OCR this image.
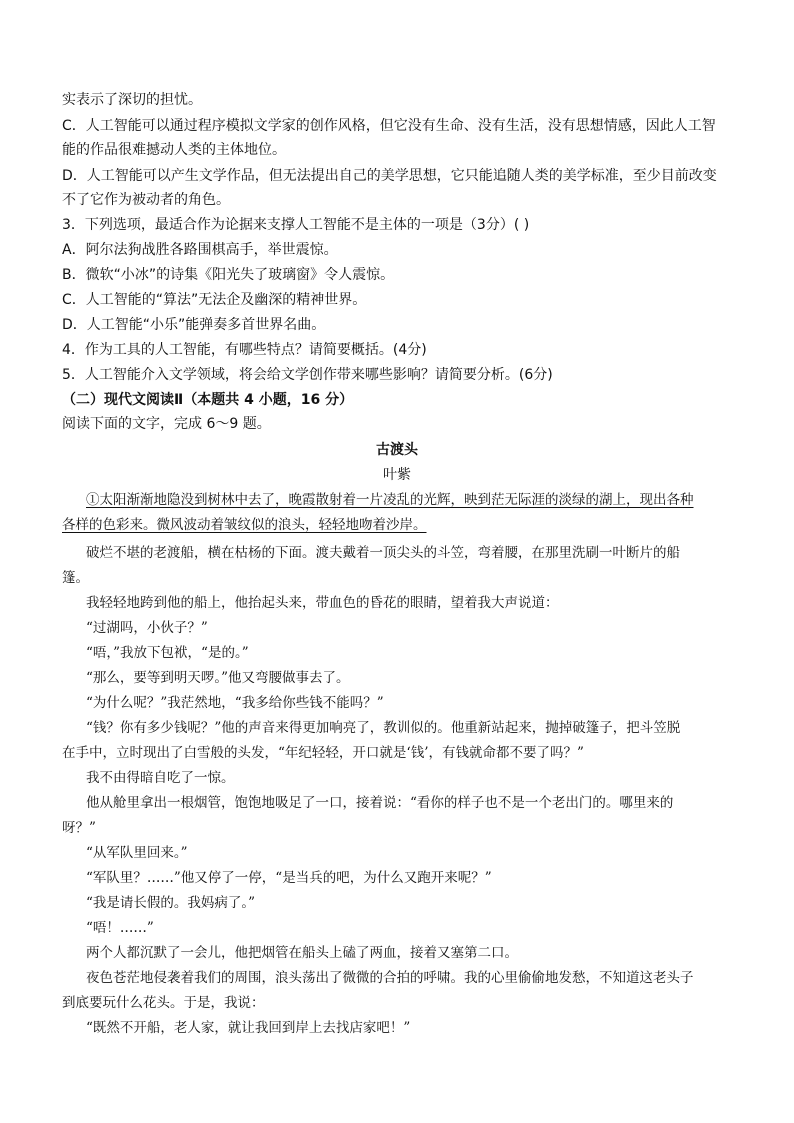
实表示了深切的担忧。
C．人工智能可以通过程序模拟文学家的创作风格，但它没有生命、没有生活，没有思想情感，因此人工智
能的作品很难撼动人类的主体地位。
D．人工智能可以产生文学作品，但无法提出自己的美学思想，它只能追随人类的美学标准，至少目前改变
不了它作为被动者的角色。
3．下列选项，最适合作为论据来支撑人工智能不是主体的一项是（3分）( )
A．阿尔法狗战胜各路围棋高手，举世震惊。
B．微软“小冰”的诗集《阳光失了玻璃窗》令人震惊。
C．人工智能的“算法”无法企及幽深的精神世界。
D．人工智能“小乐”能弹奏多首世界名曲。
4．作为工具的人工智能，有哪些特点？请简要概括。(4分)
5．人工智能介入文学领域，将会给文学创作带来哪些影响？请简要分析。(6分)
（二）现代文阅读Ⅱ（本题共 4 小题，16 分）
阅读下面的文字，完成 6～9 题。
古渡头
叶紫
①太阳渐渐地隐没到树林中去了，晚霞散射着一片凌乱的光辉，映到茫无际涯的淡绿的湖上，现出各种
各样的色彩来。微风波动着皱纹似的浪头，轻轻地吻着沙岸。
破烂不堪的老渡船，横在枯杨的下面。渡夫戴着一顶尖头的斗笠，弯着腰，在那里洗刷一叶断片的船
篷。
我轻轻地跨到他的船上，他抬起头来，带血色的昏花的眼睛，望着我大声说道：
“过湖吗，小伙子？”
“唔，”我放下包袱，“是的。”
“那么，要等到明天啰。”他又弯腰做事去了。
“为什么呢？”我茫然地，“我多给你些钱不能吗？”
“钱？你有多少钱呢？”他的声音来得更加响亮了，教训似的。他重新站起来，抛掉破篷子，把斗笠脱
在手中，立时现出了白雪般的头发，“年纪轻轻，开口就是‘钱’，有钱就命都不要了吗？”
我不由得暗自吃了一惊。
他从舱里拿出一根烟管，饱饱地吸足了一口，接着说：“看你的样子也不是一个老出门的。哪里来的
呀？”
“从军队里回来。”
“军队里？……”他又停了一停，“是当兵的吧，为什么又跑开来呢？”
“我是请长假的。我妈病了。”
“唔！……”
两个人都沉默了一会儿，他把烟管在船头上磕了两血，接着又塞第二口。
夜色苍茫地侵袭着我们的周围，浪头荡出了微微的合拍的呼啸。我的心里偷偷地发愁，不知道这老头子
到底要玩什么花头。于是，我说：
“既然不开船，老人家，就让我回到岸上去找店家吧！”
